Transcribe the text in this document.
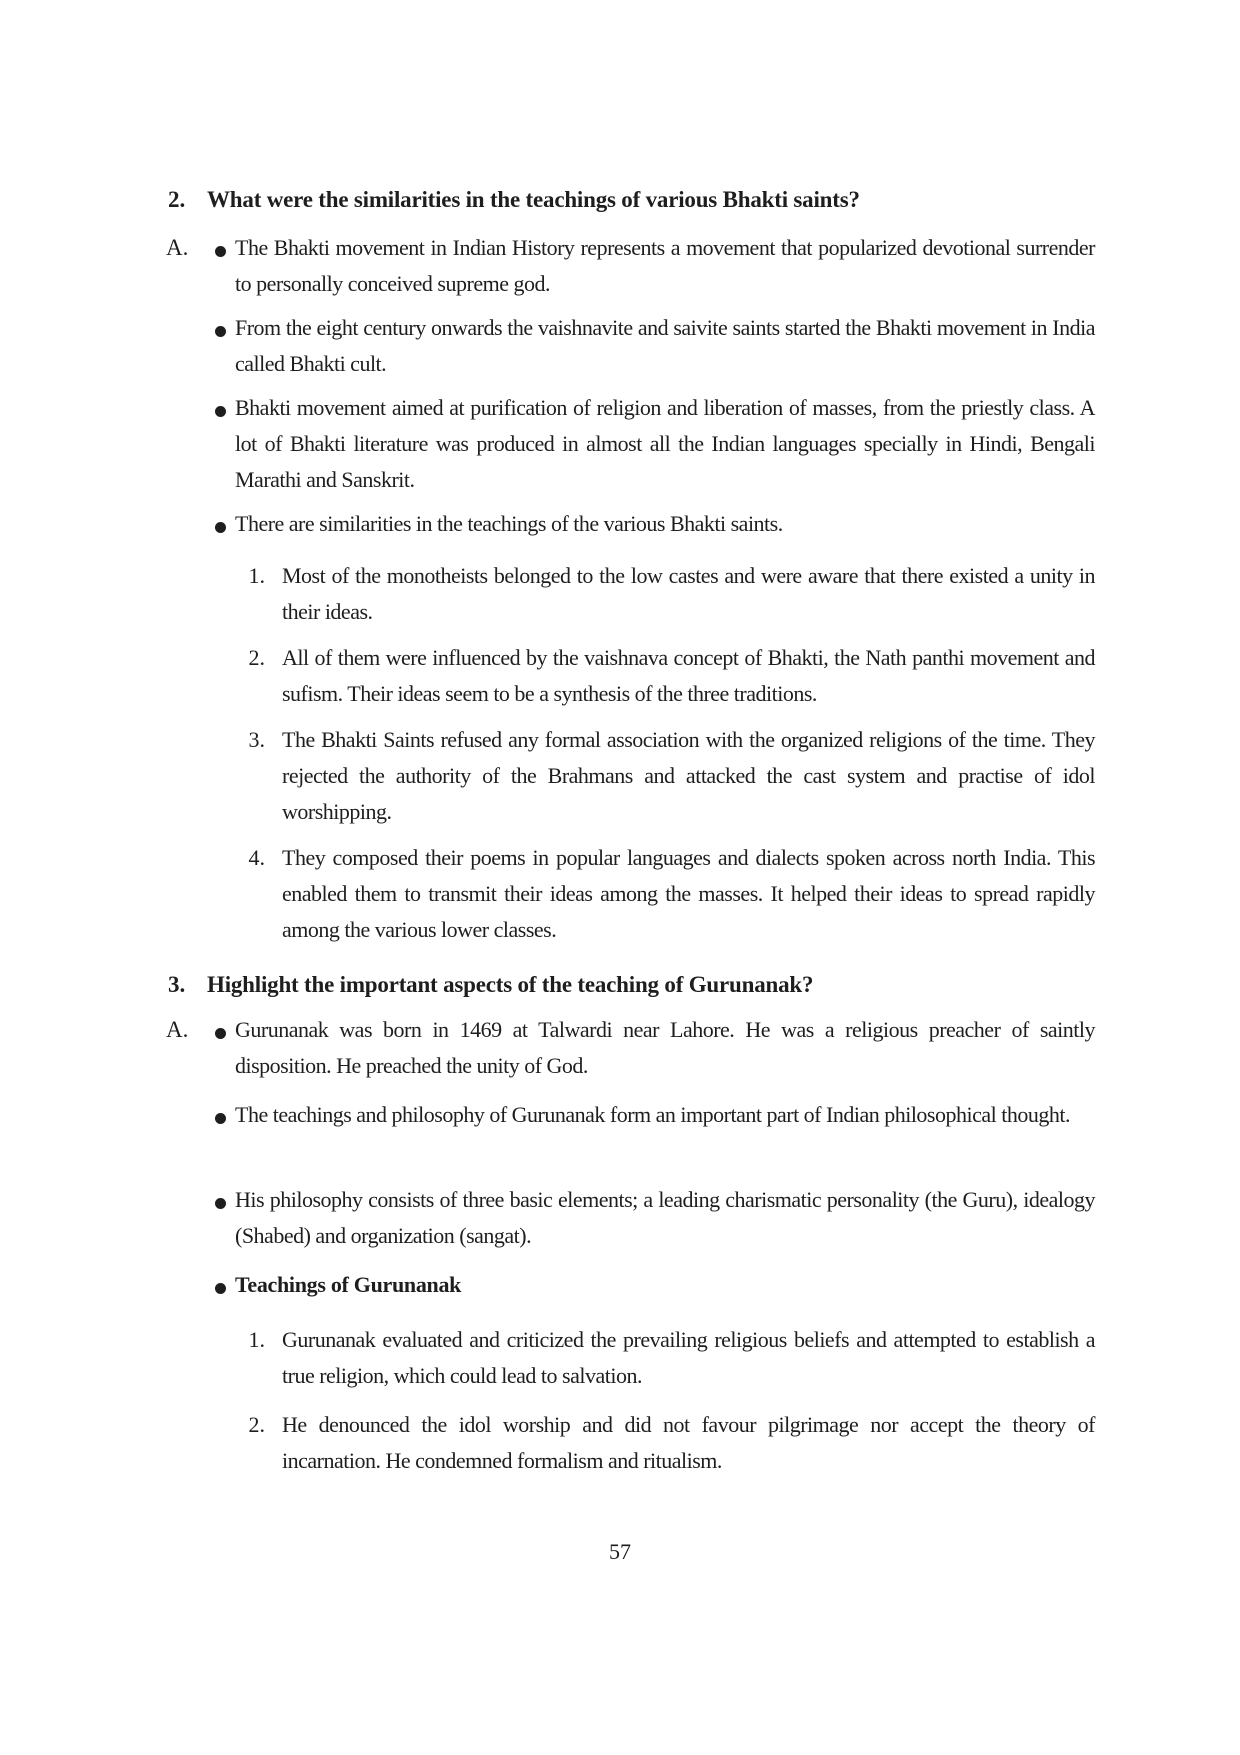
2. What were the similarities in the teachings of various Bhakti saints?
A. The Bhakti movement in Indian History represents a movement that popularized devotional surrender to personally conceived supreme god.
From the eight century onwards the vaishnavite and saivite saints started the Bhakti movement in India called Bhakti cult.
Bhakti movement aimed at purification of religion and liberation of masses, from the priestly class. A lot of Bhakti literature was produced in almost all the Indian languages specially in Hindi, Bengali Marathi and Sanskrit.
There are similarities in the teachings of the various Bhakti saints.
1. Most of the monotheists belonged to the low castes and were aware that there existed a unity in their ideas.
2. All of them were influenced by the vaishnava concept of Bhakti, the Nath panthi movement and sufism. Their ideas seem to be a synthesis of the three traditions.
3. The Bhakti Saints refused any formal association with the organized religions of the time. They rejected the authority of the Brahmans and attacked the cast system and practise of idol worshipping.
4. They composed their poems in popular languages and dialects spoken across north India. This enabled them to transmit their ideas among the masses. It helped their ideas to spread rapidly among the various lower classes.
3. Highlight the important aspects of the teaching of Gurunanak?
A. Gurunanak was born in 1469 at Talwardi near Lahore. He was a religious preacher of saintly disposition. He preached the unity of God.
The teachings and philosophy of Gurunanak form an important part of Indian philosophical thought.
His philosophy consists of three basic elements; a leading charismatic personality (the Guru), idealogy (Shabed) and organization (sangat).
Teachings of Gurunanak
1. Gurunanak evaluated and criticized the prevailing religious beliefs and attempted to establish a true religion, which could lead to salvation.
2. He denounced the idol worship and did not favour pilgrimage nor accept the theory of incarnation. He condemned formalism and ritualism.
57
